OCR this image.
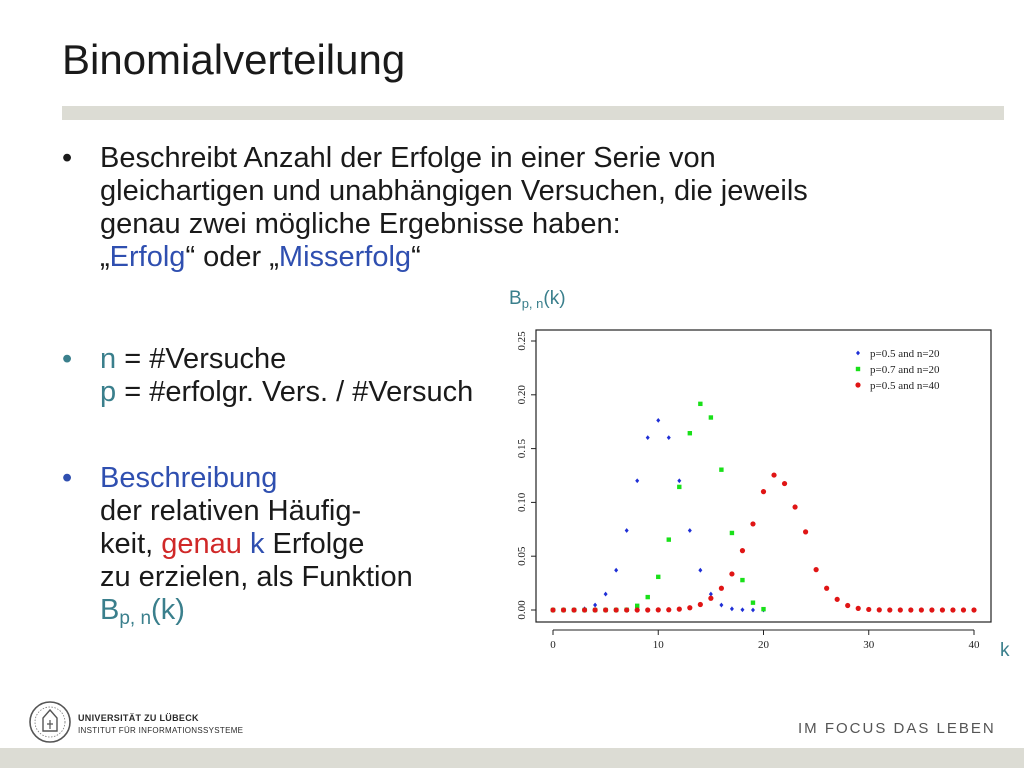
Binomialverteilung
• Beschreibt Anzahl der Erfolge in einer Serie von
gleichartigen und unabhängigen Versuchen, die jeweils
genau zwei mögliche Ergebnisse haben:
„Erfolg“ oder „Misserfolg“
• n = #Versuche
p = #erfolgr. Vers. / #Versuch
• Beschreibung
der relativen Häufig-
keit, genau k Erfolge
zu erzielen, als Funktion
$B_{p, n}(k)$
$B_{p, n}(k)$
k
0.00
0.05
0.10
0.15
0.20
0.25
0	10	20	30	40
p=0.5 and n=20
p=0.7 and n=20
p=0.5 and n=40
UNIVERSITÄT ZU LÜBECK
INSTITUT FÜR INFORMATIONSSYSTEME	IM FOCUS DAS LEBEN
